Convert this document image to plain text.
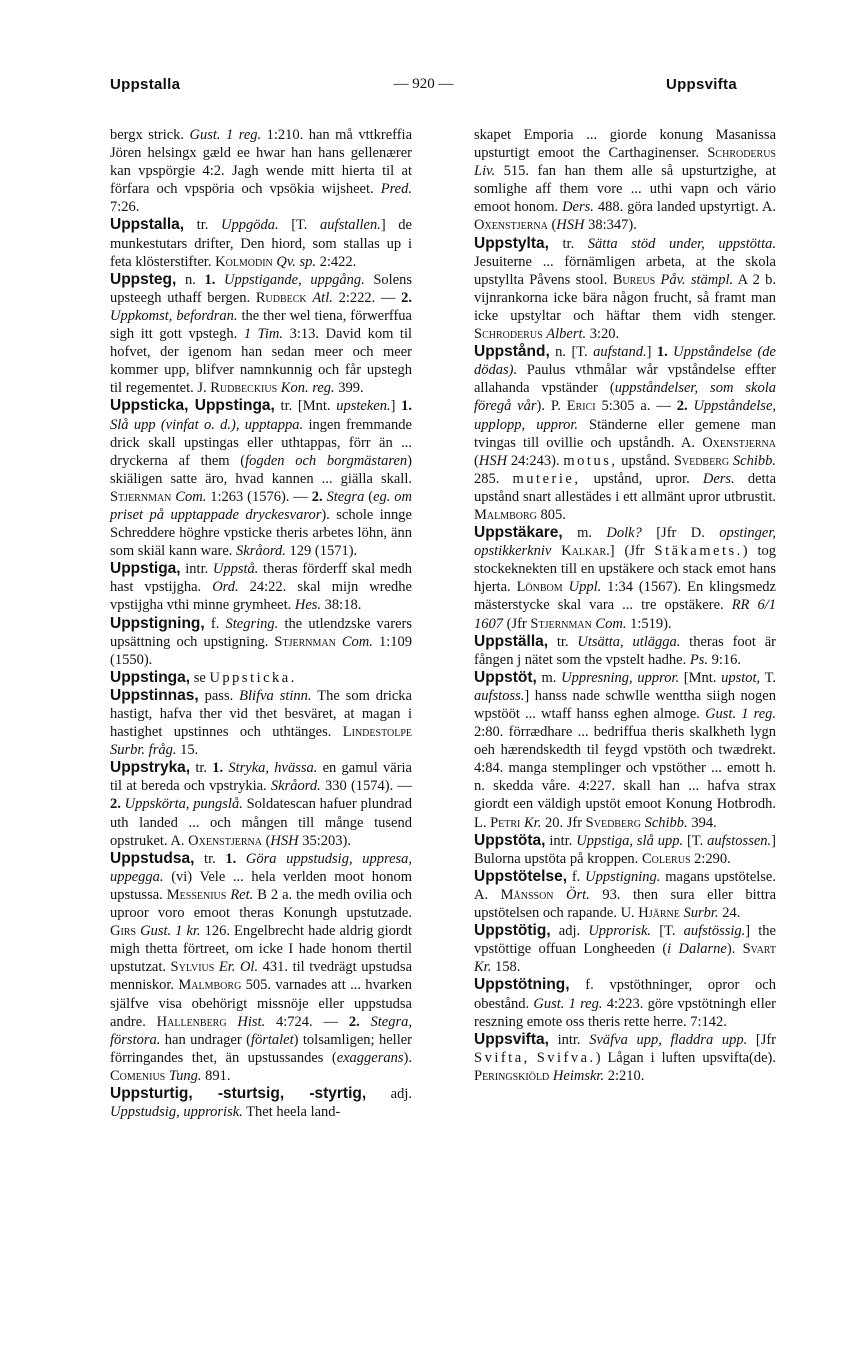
Uppstalla	— 920 —	Uppsvifta

bergx strick. Gust. 1 reg. 1:210. han må vttkreffia Jören helsingx gæld ee hwar han hans gellenærer kan vpspörgie 4:2. Jagh wende mitt hierta til at förfara och vpspöria och vpsökia wijsheet. Pred. 7:26.

Uppstalla, tr. Uppgöda. [T. aufstallen.] de munkestutars drifter, Den hiord, som stallas up i feta klösterstifter. Kolmodin Qv. sp. 2:422.

Uppsteg, n. 1. Uppstigande, uppgång. Solens upsteegh uthaff bergen. Rudbeck Atl. 2:222. — 2. Uppkomst, befordran. the ther wel tiena, förwerffua sigh itt gott vpstegh. 1 Tim. 3:13. David kom til hofvet, der igenom han sedan meer och meer kommer upp, blifver namnkunnig och får upstegh til regementet. J. Rudbeckius Kon. reg. 399.

Uppsticka, Uppstinga, tr. [Mnt. upsteken.] 1. Slå upp (vinfat o. d.), upptappa. ingen fremmande drick skall upstingas eller uthtappas, förr än ... dryckerna af them (fogden och borgmästaren) skiäligen satte äro, hvad kannen ... giälla skall. Stjernman Com. 1:263 (1576). — 2. Stegra (eg. om priset på upptappade dryckesvaror). schole inngе Schreddere höghre vpsticke theris arbetes löhn, änn som skiäl kann ware. Skråord. 129 (1571).

Uppstiga, intr. Uppstå. theras förderff skal medh hast vpstijgha. Ord. 24:22. skal mijn wredhe vpstijgha vthi minne grymheet. Hes. 38:18.

Uppstigning, f. Stegring. the utlendzske varers upsättning och upstigning. Stjernman Com. 1:109 (1550).

Uppstinga, se Uppsticka.

Uppstinnas, pass. Blifva stinn. The som dricka hastigt, hafva ther vid thet besväret, at magan i hastighet upstinnes och uthtänges. Lindestolpe Surbr. fråg. 15.

Uppstryka, tr. 1. Stryka, hvässa. en gamul väria til at bereda och vpstrykia. Skråord. 330 (1574). — 2. Uppskörta, pungslå. Soldatescan hafuer plundrad uth landed ... och mången till månge tusend opstruket. A. Oxenstjerna (HSH 35:203).

Uppstudsa, tr. 1. Göra uppstudsig, uppresa, uppegga. (vi) Vele ... hela verlden moot honom upstussa. Messenius Ret. B 2 a. the medh ovilia och uproor voro emoot theras Konungh upstutzade. Girs Gust. 1 kr. 126. Engelbrecht hade aldrig giordt migh thetta förtreet, om icke I hade honom thertil upstutzat. Sylvius Er. Ol. 431. til tvedrägt upstudsa menniskor. Malmborg 505. varnades att ... hvarken själfve visa obehörigt missnöje eller uppstudsa andre. Hallenberg Hist. 4:724. — 2. Stegra, förstora. han undrager (förtalet) tolsamligen; heller förringandes thet, än upstussandes (exaggerans). Comenius Tung. 891.

Uppsturtig, -sturtsig, -styrtig, adj. Uppstudsig, upprorisk. Thet heela land-

skapet Emporia ... giorde konung Masanissa upsturtigt emoot the Carthaginenser. Schroderus Liv. 515. fan han them alle så upsturtzighe, at somlighe aff them vore ... uthi vapn och värio emoot honom. Ders. 488. göra landed upstyrtigt. A. Oxenstjerna (HSH 38:347).

Uppstylta, tr. Sätta stöd under, uppstötta. Jesuiterne ... förnämligen arbeta, at the skola upstyllta Påvens stool. Bureus Påv. stämpl. A 2 b. vijnrankorna icke bära någon frucht, så framt man icke upstyltar och häftar them vidh stenger. Schroderus Albert. 3:20.

Uppstånd, n. [T. aufstand.] 1. Uppståndelse (de dödas). Paulus vthmålar wår vpståndelse effter allahanda vpständer (uppståndelser, som skola föregå vår). P. Erici 5:305 a. — 2. Uppståndelse, upplopp, uppror. Ständerne eller gemene man tvingas till ovillie och upståndh. A. Oxenstjerna (HSH 24:243). motus, upstånd. Svedberg Schibb. 285. muterie, upstånd, upror. Ders. detta upstånd snart allestädes i ett allmänt upror utbrustit. Malmborg 805.

Uppstäkare, m. Dolk? [Jfr D. opstinger, opstikkerkniv Kalkar.] (Jfr Stäkamets.) tog stockeknekten till en upstäkere och stack emot hans hjerta. Lönbom Uppl. 1:34 (1567). En klingsmedz mästerstycke skal vara ... tre opstäkere. RR 6/1 1607 (Jfr Stjernman Com. 1:519).

Uppställa, tr. Utsätta, utlägga. theras foot är fången j nätet som the vpstelt hadhe. Ps. 9:16.

Uppstöt, m. Uppresning, uppror. [Mnt. upstot, T. aufstoss.] hanss nade schwlle wenttha siigh nogen wpstööt ... wtaff hanss eghen almoge. Gust. 1 reg. 2:80. förrædhare ... bedriffua theris skalkheth lygn oeh hærendskedth til feygd vpstöth och twædrekt. 4:84. manga stemplinger och vpstöther ... emott h. n. skedda våre. 4:227. skall han ... hafva strax giordt een väldigh upstöt emoot Konung Hotbrodh. L. Petri Kr. 20. Jfr Svedberg Schibb. 394.

Uppstöta, intr. Uppstiga, slå upp. [T. aufstossen.] Bulorna upstöta på kroppen. Colerus 2:290.

Uppstötelse, f. Uppstigning. magans upstötelse. A. Månsson Ört. 93. then sura eller bittra upstötelsen och rapande. U. Hjärne Surbr. 24.

Uppstötig, adj. Upprorisk. [T. aufstössig.] the vpstöttige offuan Longheeden (i Dalarne). Svart Kr. 158.

Uppstötning, f. vpstöthninger, opror och obestånd. Gust. 1 reg. 4:223. göre vpstötningh eller reszning emote oss theris rette herre. 7:142.

Uppsvifta, intr. Sväfva upp, fladdra upp. [Jfr Svifta, Svifva.) Lågan i luften upsvifta(de). Peringskiöld Heimskr. 2:210.
